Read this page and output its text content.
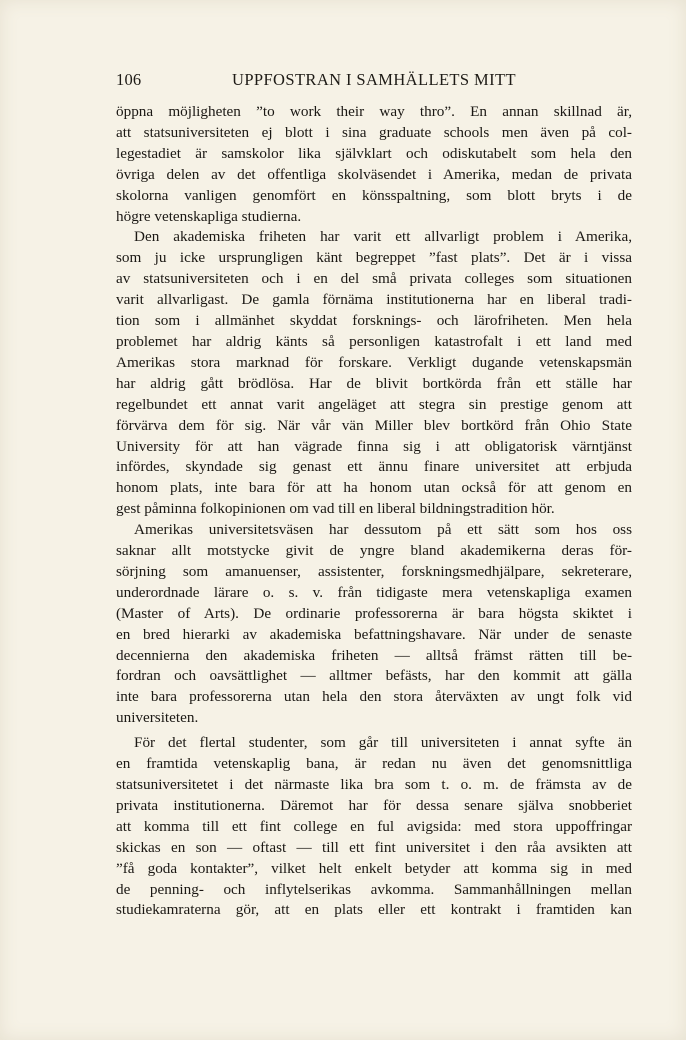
106	UPPFOSTRAN I SAMHÄLLETS MITT
öppna möjligheten ”to work their way thro”. En annan skillnad är,
att statsuniversiteten ej blott i sina graduate schools men även på col-
legestadiet är samskolor lika självklart och odiskutabelt som hela den
övriga delen av det offentliga skolväsendet i Amerika, medan de privata
skolorna vanligen genomfört en könsspaltning, som blott bryts i de
högre vetenskapliga studierna.
Den akademiska friheten har varit ett allvarligt problem i Amerika,
som ju icke ursprungligen känt begreppet ”fast plats”. Det är i vissa
av statsuniversiteten och i en del små privata colleges som situationen
varit allvarligast. De gamla förnäma institutionerna har en liberal tradi-
tion som i allmänhet skyddat forsknings- och lärofriheten. Men hela
problemet har aldrig känts så personligen katastrofalt i ett land med
Amerikas stora marknad för forskare. Verkligt dugande vetenskapsmän
har aldrig gått brödlösa. Har de blivit bortkörda från ett ställe har
regelbundet ett annat varit angeläget att stegra sin prestige genom att
förvärva dem för sig. När vår vän Miller blev bortkörd från Ohio State
University för att han vägrade finna sig i att obligatorisk värntjänst
infördes, skyndade sig genast ett ännu finare universitet att erbjuda
honom plats, inte bara för att ha honom utan också för att genom en
gest påminna folkopinionen om vad till en liberal bildningstradition hör.
Amerikas universitetsväsen har dessutom på ett sätt som hos oss
saknar allt motstycke givit de yngre bland akademikerna deras för-
sörjning som amanuenser, assistenter, forskningsmedhjälpare, sekreterare,
underordnade lärare o. s. v. från tidigaste mera vetenskapliga examen
(Master of Arts). De ordinarie professorerna är bara högsta skiktet i
en bred hierarki av akademiska befattningshavare. När under de senaste
decennierna den akademiska friheten — alltså främst rätten till be-
fordran och oavsättlighet — alltmer befästs, har den kommit att gälla
inte bara professorerna utan hela den stora återväxten av ungt folk vid
universiteten.
För det flertal studenter, som går till universiteten i annat syfte än
en framtida vetenskaplig bana, är redan nu även det genomsnittliga
statsuniversitetet i det närmaste lika bra som t. o. m. de främsta av de
privata institutionerna. Däremot har för dessa senare själva snobberiet
att komma till ett fint college en ful avigsida: med stora uppoffringar
skickas en son — oftast — till ett fint universitet i den råa avsikten att
”få goda kontakter”, vilket helt enkelt betyder att komma sig in med
de penning- och inflytelserikas avkomma. Sammanhållningen mellan
studiekamraterna gör, att en plats eller ett kontrakt i framtiden kan
